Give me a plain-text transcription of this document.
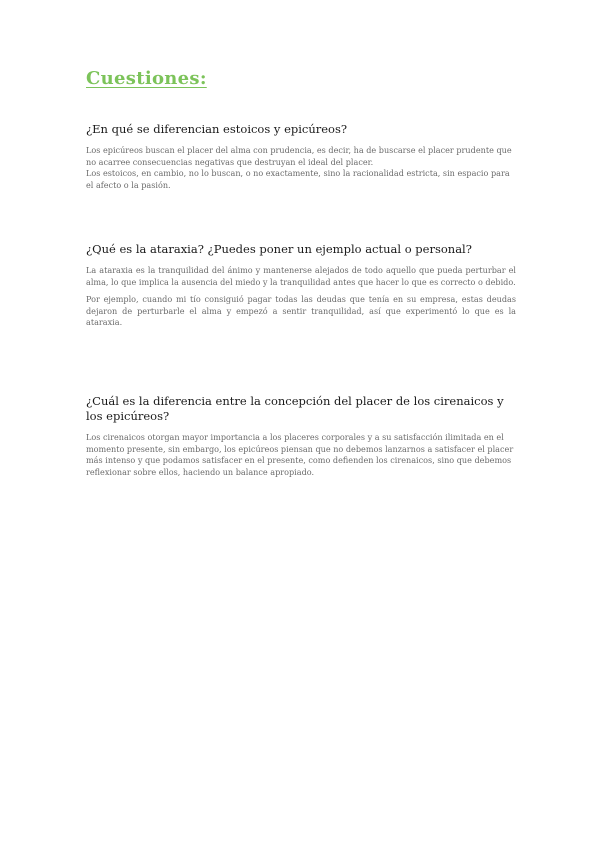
Cuestiones:
¿En qué se diferencian estoicos y epicúreos?

Los epicúreos buscan el placer del alma con prudencia, es decir, ha de buscarse el placer prudente que no acarree consecuencias negativas que destruyan el ideal del placer.

Los estoicos, en cambio, no lo buscan, o no exactamente, sino la racionalidad estricta, sin espacio para el afecto o la pasión.

¿Qué es la ataraxia? ¿Puedes poner un ejemplo actual o personal?

La ataraxia es la tranquilidad del ánimo y mantenerse alejados de todo aquello que pueda perturbar el alma, lo que implica la ausencia del miedo y la tranquilidad antes que hacer lo que es correcto o debido.

Por ejemplo, cuando mi tío consiguió pagar todas las deudas que tenía en su empresa, estas deudas dejaron de perturbarle el alma y empezó a sentir tranquilidad, así que experimentó lo que es la ataraxia.

¿Cuál es la diferencia entre la concepción del placer de los cirenaicos y los epicúreos?

Los cirenaicos otorgan mayor importancia a los placeres corporales y a su satisfacción ilimitada en el momento presente, sin embargo, los epicúreos piensan que no debemos lanzarnos a satisfacer el placer más intenso y que podamos satisfacer en el presente, como defienden los cirenaicos, sino que debemos reflexionar sobre ellos, haciendo un balance apropiado.
